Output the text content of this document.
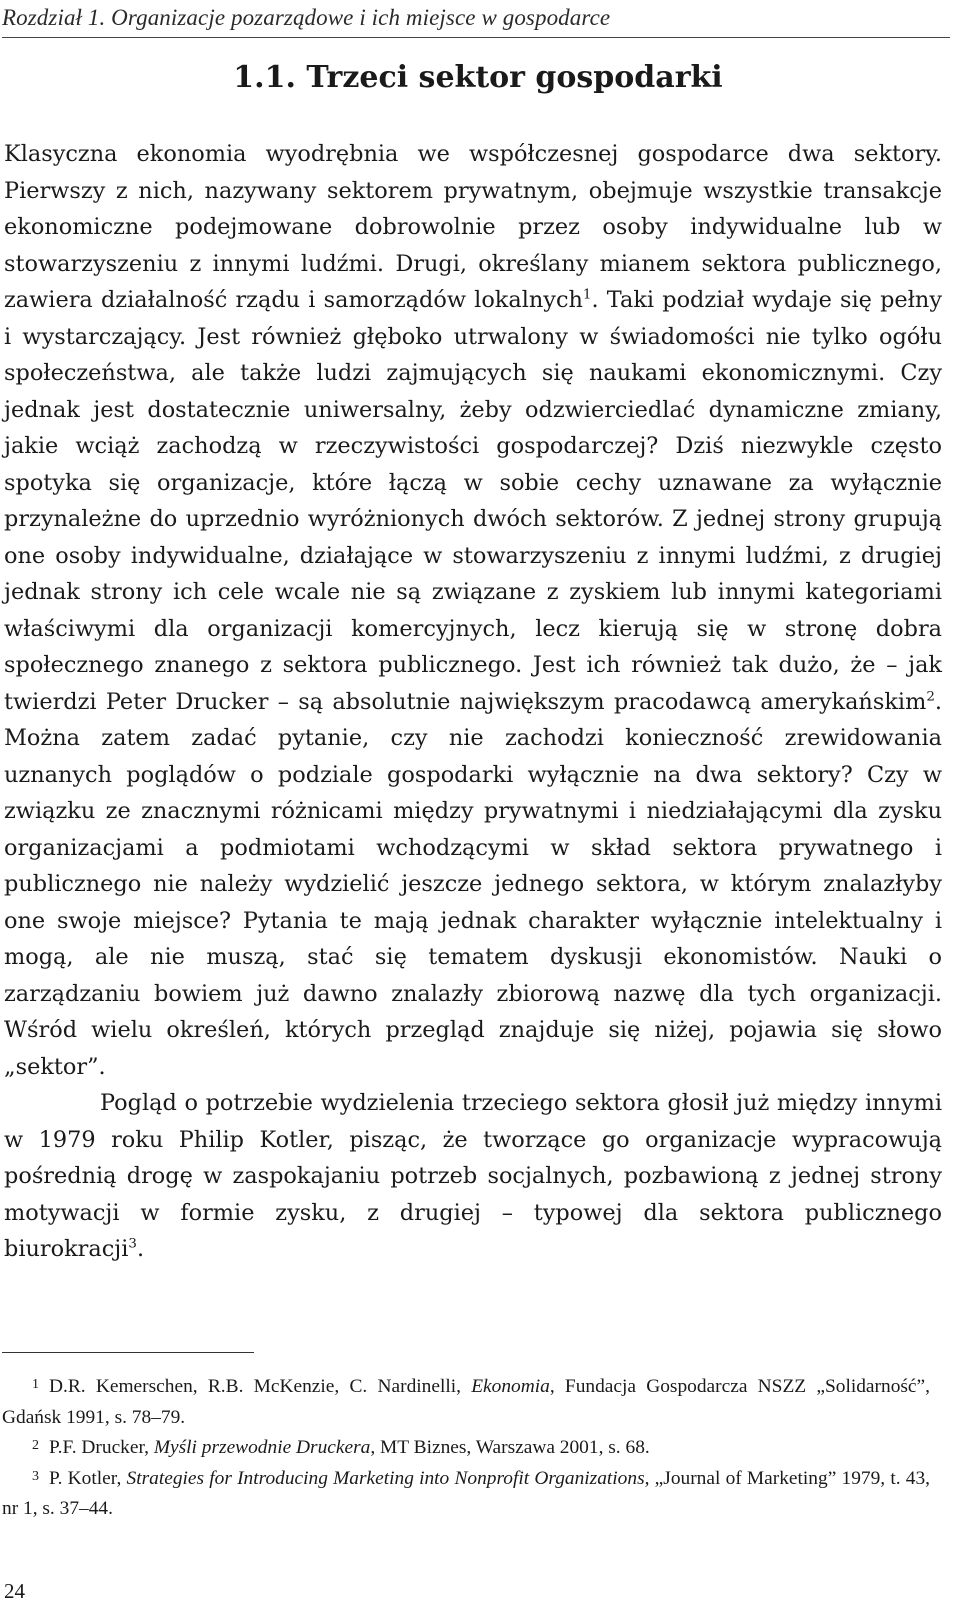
Rozdział 1. Organizacje pozarządowe i ich miejsce w gospodarce
1.1. Trzeci sektor gospodarki

Klasyczna ekonomia wyodrębnia we współczesnej gospodarce dwa sektory. Pierwszy z nich, nazywany sektorem prywatnym, obejmuje wszystkie transakcje ekonomiczne podejmowane dobrowolnie przez osoby indywidualne lub w stowarzyszeniu z innymi ludźmi. Drugi, określany mianem sektora publicznego, zawiera działalność rządu i samorządów lokalnych$^1$. Taki podział wydaje się pełny i wystarczający. Jest również głęboko utrwalony w świadomości nie tylko ogółu społeczeństwa, ale także ludzi zajmujących się naukami ekonomicznymi. Czy jednak jest dostatecznie uniwersalny, żeby odzwierciedlać dynamiczne zmiany, jakie wciąż zachodzą w rzeczywistości gospodarczej? Dziś niezwykle często spotyka się organizacje, które łączą w sobie cechy uznawane za wyłącznie przynależne do uprzednio wyróżnionych dwóch sektorów. Z jednej strony grupują one osoby indywidualne, działające w stowarzyszeniu z innymi ludźmi, z drugiej jednak strony ich cele wcale nie są związane z zyskiem lub innymi kategoriami właściwymi dla organizacji komercyjnych, lecz kierują się w stronę dobra społecznego znanego z sektora publicznego. Jest ich również tak dużo, że – jak twierdzi Peter Drucker – są absolutnie największym pracodawcą amerykańskim$^2$. Można zatem zadać pytanie, czy nie zachodzi konieczność zrewidowania uznanych poglądów o podziale gospodarki wyłącznie na dwa sektory? Czy w związku ze znacznymi różnicami między prywatnymi i niedziałającymi dla zysku organizacjami a podmiotami wchodzącymi w skład sektora prywatnego i publicznego nie należy wydzielić jeszcze jednego sektora, w którym znalazłyby one swoje miejsce? Pytania te mają jednak charakter wyłącznie intelektualny i mogą, ale nie muszą, stać się tematem dyskusji ekonomistów. Nauki o zarządzaniu bowiem już dawno znalazły zbiorową nazwę dla tych organizacji. Wśród wielu określeń, których przegląd znajduje się niżej, pojawia się słowo „sektor”.

Pogląd o potrzebie wydzielenia trzeciego sektora głosił już między innymi w 1979 roku Philip Kotler, pisząc, że tworzące go organizacje wypracowują pośrednią drogę w zaspokajaniu potrzeb socjalnych, pozbawioną z jednej strony motywacji w formie zysku, z drugiej – typowej dla sektora publicznego biurokracji$^3$.

$^1$ D.R. Kemerschen, R.B. McKenzie, C. Nardinelli, Ekonomia, Fundacja Gospodarcza NSZZ „Solidarność”, Gdańsk 1991, s. 78–79.

$^2$ P.F. Drucker, Myśli przewodnie Druckera, MT Biznes, Warszawa 2001, s. 68.

$^3$ P. Kotler, Strategies for Introducing Marketing into Nonprofit Organizations, „Journal of Marketing” 1979, t. 43, nr 1, s. 37–44.

24
